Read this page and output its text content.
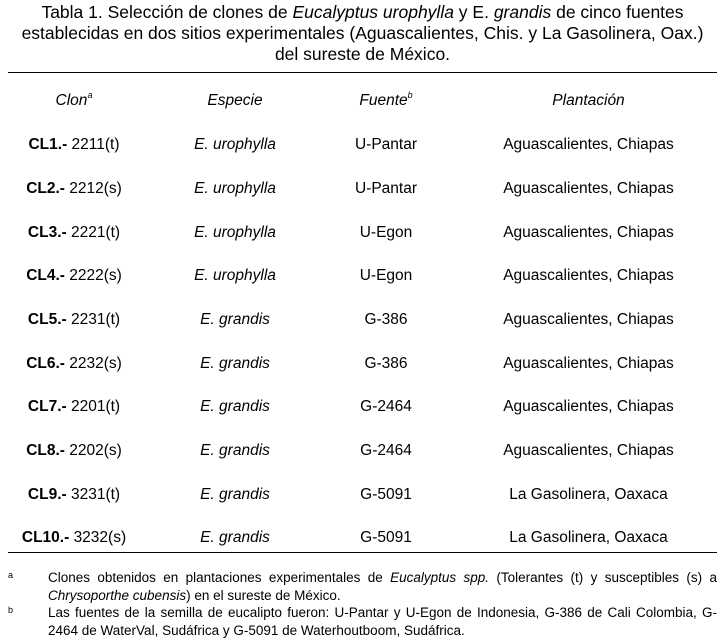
Tabla 1. Selección de clones de Eucalyptus urophylla y E. grandis de cinco fuentes
establecidas en dos sitios experimentales (Aguascalientes, Chis. y La Gasolinera, Oax.)
del sureste de México.
Clon$^a$	Especie	Fuente$^b$	Plantación
CL1.- 2211(t)	E. urophylla	U-Pantar	Aguascalientes, Chiapas
CL2.- 2212(s)	E. urophylla	U-Pantar	Aguascalientes, Chiapas
CL3.- 2221(t)	E. urophylla	U-Egon	Aguascalientes, Chiapas
CL4.- 2222(s)	E. urophylla	U-Egon	Aguascalientes, Chiapas
CL5.- 2231(t)	E. grandis	G-386	Aguascalientes, Chiapas
CL6.- 2232(s)	E. grandis	G-386	Aguascalientes, Chiapas
CL7.- 2201(t)	E. grandis	G-2464	Aguascalientes, Chiapas
CL8.- 2202(s)	E. grandis	G-2464	Aguascalientes, Chiapas
CL9.- 3231(t)	E. grandis	G-5091	La Gasolinera, Oaxaca
CL10.- 3232(s)	E. grandis	G-5091	La Gasolinera, Oaxaca
a	Clones obtenidos en plantaciones experimentales de Eucalyptus spp. (Tolerantes (t) y susceptibles (s) a Chrysoporthe cubensis) en el sureste de México.
b	Las fuentes de la semilla de eucalipto fueron: U-Pantar y U-Egon de Indonesia, G-386 de Cali Colombia, G-2464 de WaterVal, Sudáfrica y G-5091 de Waterhoutboom, Sudáfrica.
